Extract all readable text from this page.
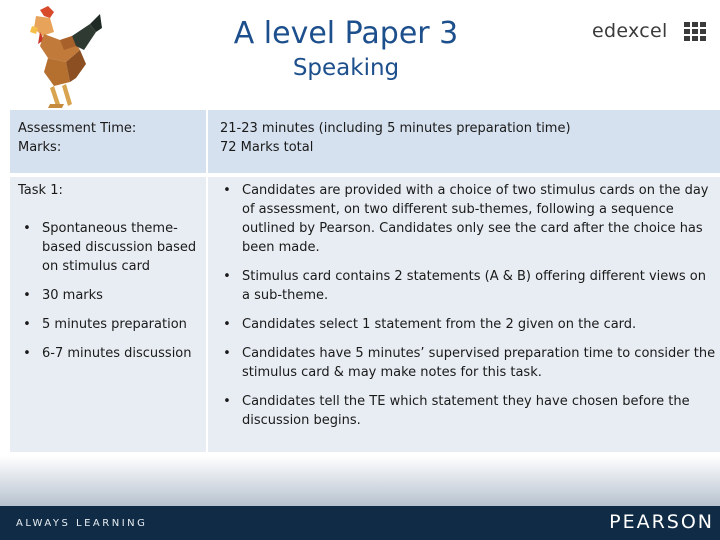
A level Paper 3
Speaking
edexcel
Assessment Time:
Marks:
21-23 minutes (including 5 minutes preparation time)
72 Marks total
Task 1:
• Spontaneous theme-based discussion based on stimulus card
• 30 marks
• 5 minutes preparation
• 6-7 minutes discussion
• Candidates are provided with a choice of two stimulus cards on the day of assessment, on two different sub-themes, following a sequence outlined by Pearson. Candidates only see the card after the choice has been made.
• Stimulus card contains 2 statements (A & B) offering different views on a sub-theme.
• Candidates select 1 statement from the 2 given on the card.
• Candidates have 5 minutes’ supervised preparation time to consider the stimulus card & may make notes for this task.
• Candidates tell the TE which statement they have chosen before the discussion begins.
ALWAYS LEARNING	PEARSON
